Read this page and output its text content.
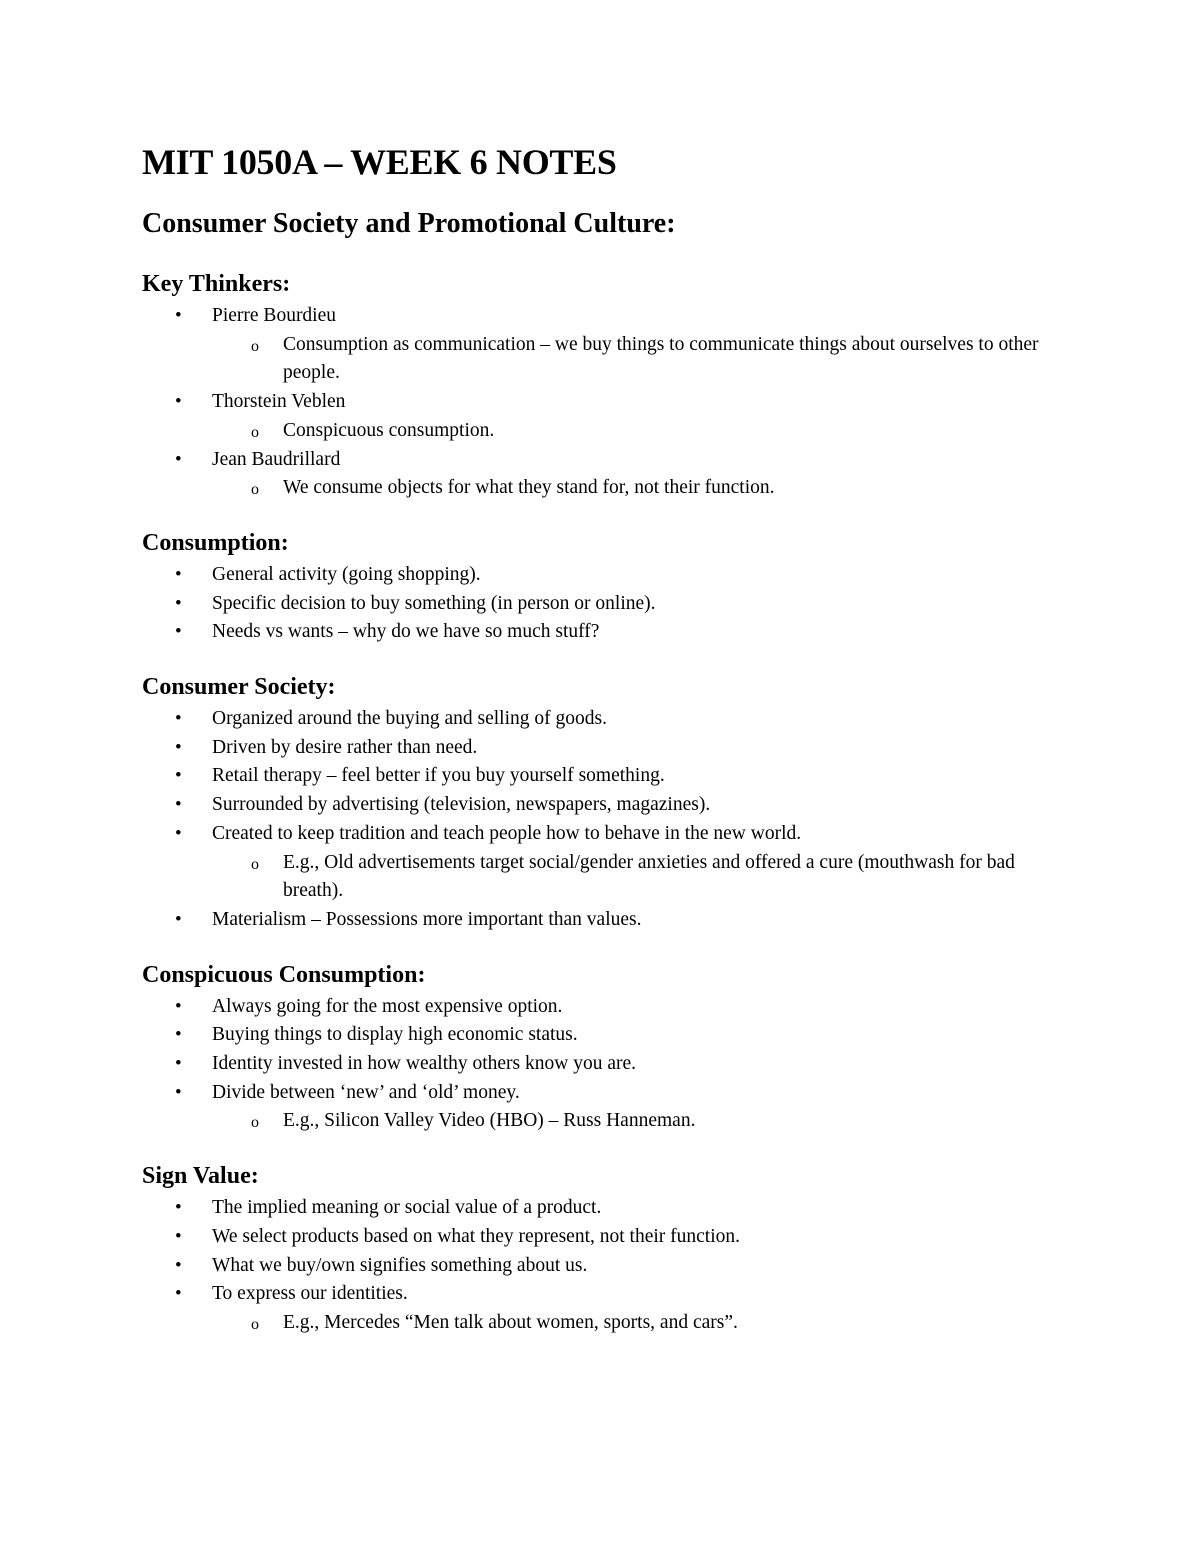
MIT 1050A – WEEK 6 NOTES
Consumer Society and Promotional Culture:
Key Thinkers:
• Pierre Bourdieu
o Consumption as communication – we buy things to communicate things about ourselves to other people.
• Thorstein Veblen
o Conspicuous consumption.
• Jean Baudrillard
o We consume objects for what they stand for, not their function.
Consumption:
• General activity (going shopping).
• Specific decision to buy something (in person or online).
• Needs vs wants – why do we have so much stuff?
Consumer Society:
• Organized around the buying and selling of goods.
• Driven by desire rather than need.
• Retail therapy – feel better if you buy yourself something.
• Surrounded by advertising (television, newspapers, magazines).
• Created to keep tradition and teach people how to behave in the new world.
o E.g., Old advertisements target social/gender anxieties and offered a cure (mouthwash for bad breath).
• Materialism – Possessions more important than values.
Conspicuous Consumption:
• Always going for the most expensive option.
• Buying things to display high economic status.
• Identity invested in how wealthy others know you are.
• Divide between ‘new’ and ‘old’ money.
o E.g., Silicon Valley Video (HBO) – Russ Hanneman.
Sign Value:
• The implied meaning or social value of a product.
• We select products based on what they represent, not their function.
• What we buy/own signifies something about us.
• To express our identities.
o E.g., Mercedes “Men talk about women, sports, and cars”.
